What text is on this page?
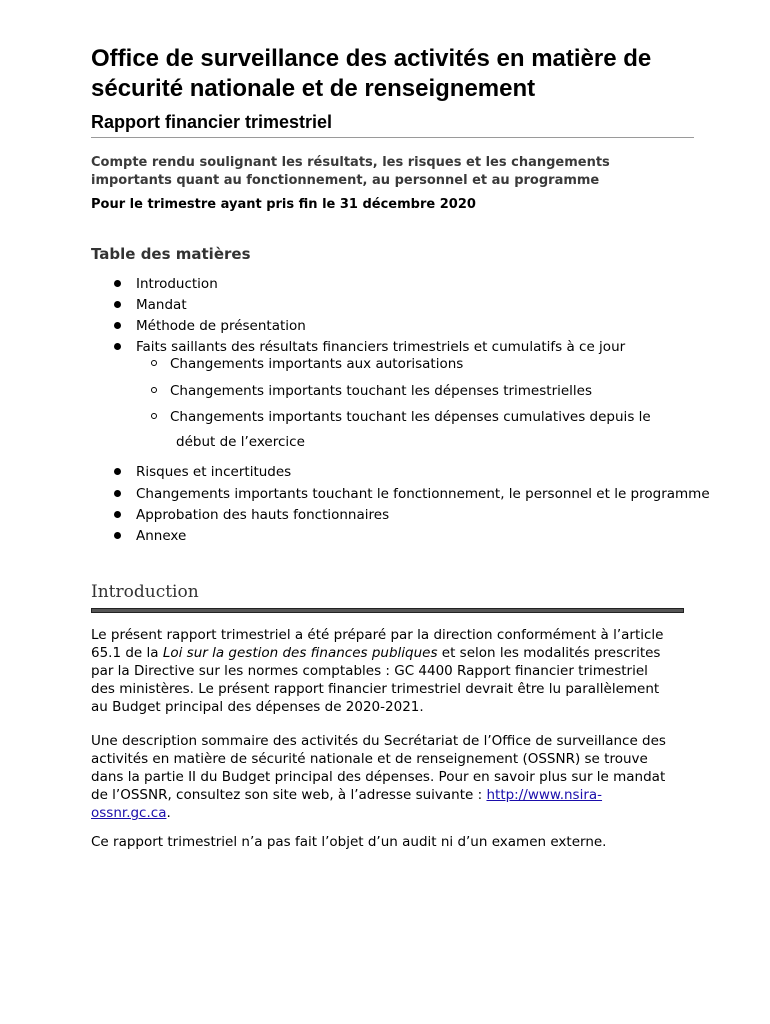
Office de surveillance des activités en matière de sécurité nationale et de renseignement
Rapport financier trimestriel

Compte rendu soulignant les résultats, les risques et les changements importants quant au fonctionnement, au personnel et au programme

Pour le trimestre ayant pris fin le 31 décembre 2020

Table des matières
Introduction
Mandat
Méthode de présentation
Faits saillants des résultats financiers trimestriels et cumulatifs à ce jour
Changements importants aux autorisations
Changements importants touchant les dépenses trimestrielles
Changements importants touchant les dépenses cumulatives depuis le
début de l’exercice
Risques et incertitudes
Changements importants touchant le fonctionnement, le personnel et le programme
Approbation des hauts fonctionnaires
Annexe
Introduction

Le présent rapport trimestriel a été préparé par la direction conformément à l’article 65.1 de la Loi sur la gestion des finances publiques et selon les modalités prescrites par la Directive sur les normes comptables : GC 4400 Rapport financier trimestriel des ministères. Le présent rapport financier trimestriel devrait être lu parallèlement au Budget principal des dépenses de 2020-2021.

Une description sommaire des activités du Secrétariat de l’Office de surveillance des activités en matière de sécurité nationale et de renseignement (OSSNR) se trouve dans la partie II du Budget principal des dépenses. Pour en savoir plus sur le mandat de l’OSSNR, consultez son site web, à l’adresse suivante : http://www.nsira-ossnr.gc.ca.

Ce rapport trimestriel n’a pas fait l’objet d’un audit ni d’un examen externe.
